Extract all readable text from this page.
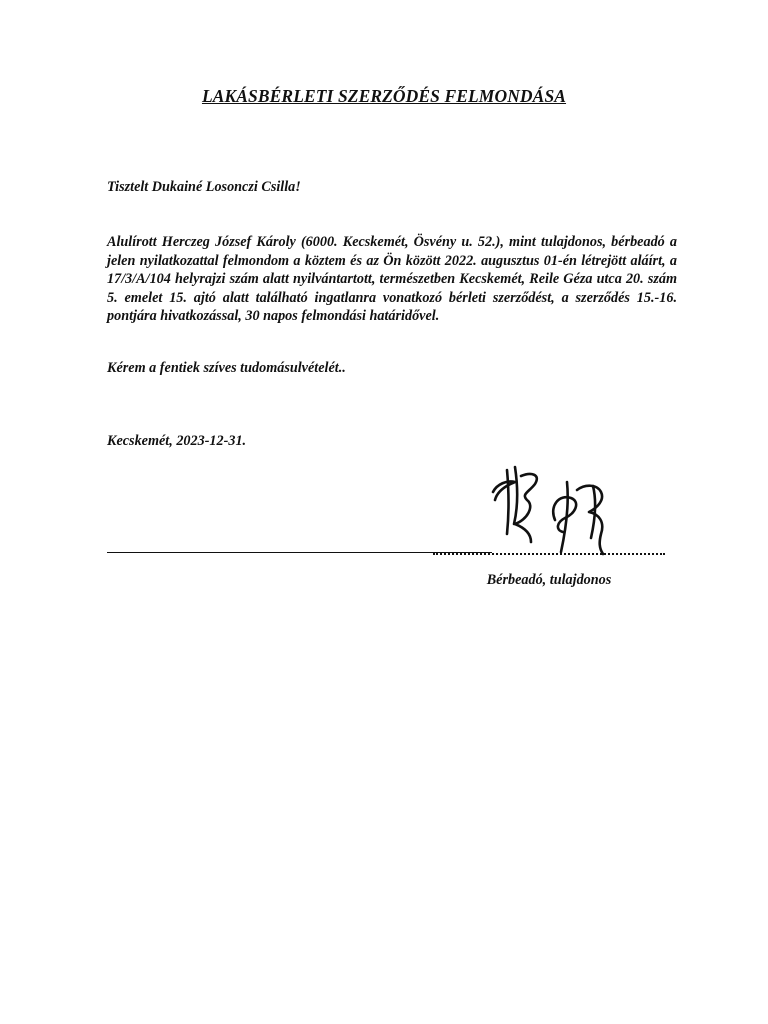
LAKÁSBÉRLETI SZERZŐDÉS FELMONDÁSA
Tisztelt Dukainé Losonczi Csilla!
Alulírott Herczeg József Károly (6000. Kecskemét, Ösvény u. 52.), mint tulajdonos, bérbeadó a jelen nyilatkozattal felmondom a köztem és az Ön között 2022. augusztus 01-én létrejött aláírt, a 17/3/A/104 helyrajzi szám alatt nyilvántartott, természetben Kecskemét, Reile Géza utca 20. szám 5. emelet 15. ajtó alatt található ingatlanra vonatkozó bérleti szerződést, a szerződés 15.-16. pontjára hivatkozással, 30 napos felmondási határidővel.
Kérem a fentiek szíves tudomásulvételét..
Kecskemét, 2023-12-31.
Bérbeadó, tulajdonos
